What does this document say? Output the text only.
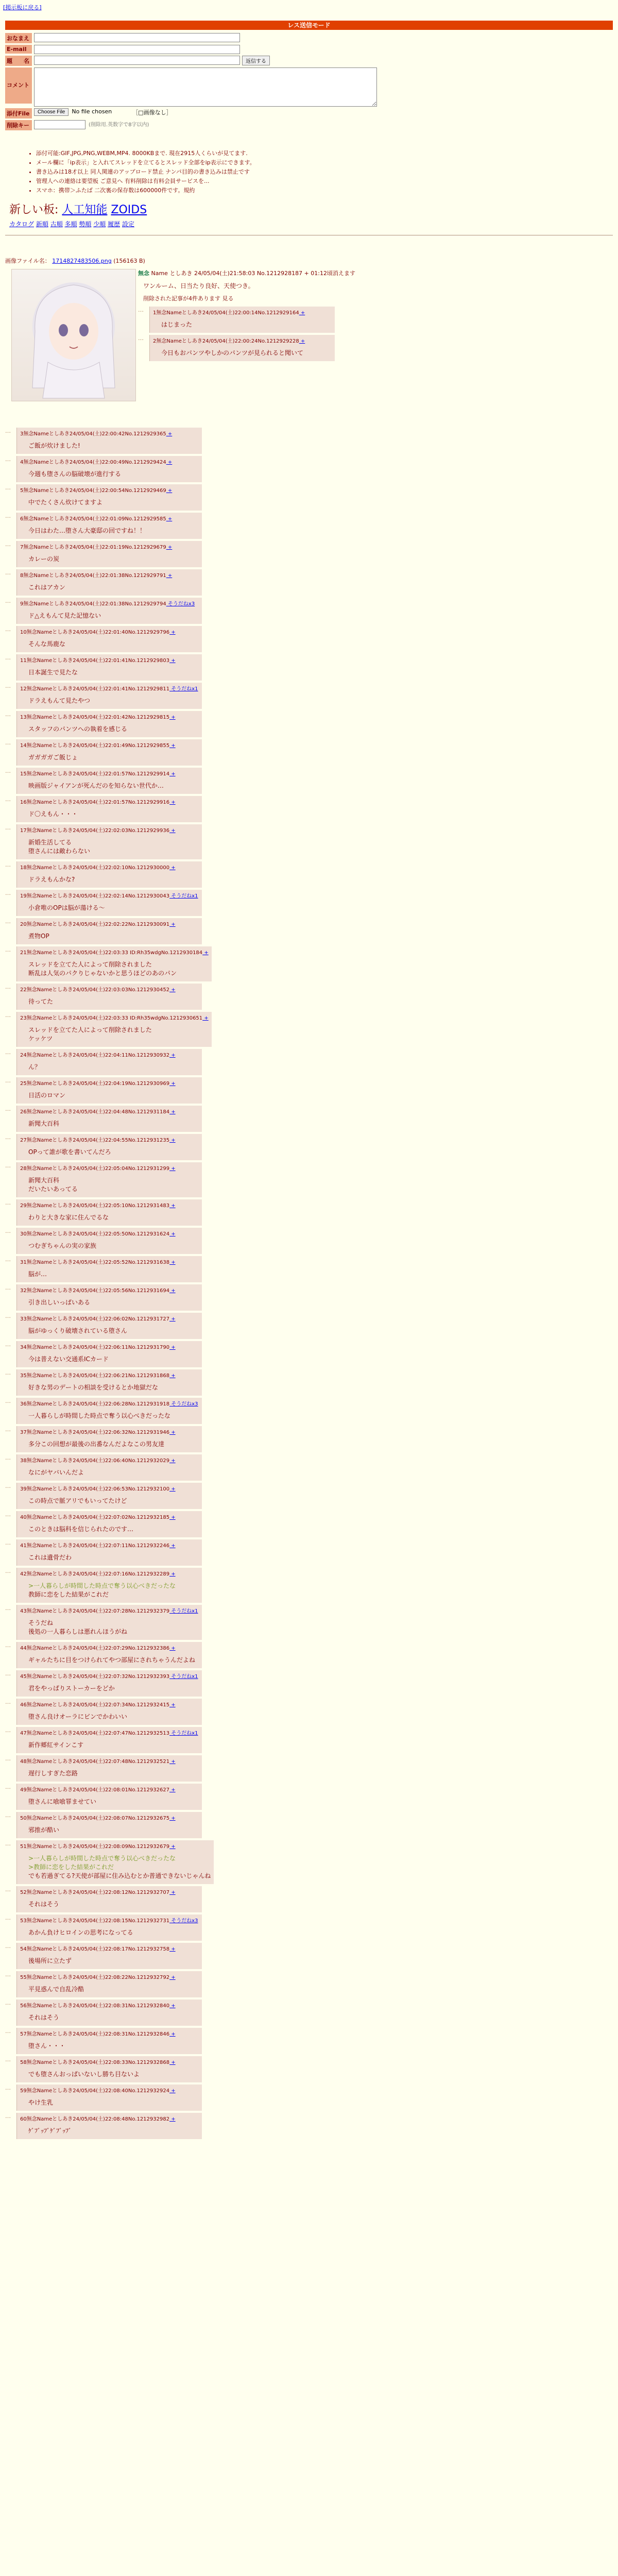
[掲示板に戻る]
レス送信モード
おなまえ
E-mail
題　　名	返信する
コメント
添付File	Choose File	No file chosen	［□画像なし］
削除キー	(削除用.英数字で8字以内)
• 添付可能:GIF,JPG,PNG,WEBM,MP4. 8000KBまで. 現在2915人くらいが見てます.
• メール欄に「ip表示」と入れてスレッドを立てるとスレッド全部をip表示にできます。
• 書き込みは18才以上 同人関連のアップロード禁止 ナンパ目的の書き込みは禁止です
• 管理人への連絡は要望板 ご意見へ 有料削除は有料会員サービスを...
• スマホ：携帯＞ふたば 二次裏の保存数は600000件です。規約
新しい板: 人工知能 ZOIDS
カタログ 新順 古順 多順 勢順 少順 履歴 設定
画像ファイル名： 1714827483506.png (156163 B)
無念 Name としあき 24/05/04(土)21:58:03 No.1212928187 + 01:12頃消えます
ワンルーム、日当たり良好、天使つき。
削除された記事が4件あります 見る
…	1無念Nameとしあき24/05/04(土)22:00:14No.1212929164 +
はじまった
…	2無念Nameとしあき24/05/04(土)22:00:24No.1212929228 +
今日もおパンツやしかのパンツが見られると聞いて
…	3無念Nameとしあき24/05/04(土)22:00:42No.1212929365 +
ご飯が炊けました!
…	4無念Nameとしあき24/05/04(土)22:00:49No.1212929424 +
今週も堕さんの脳破壊が進行する
…	5無念Nameとしあき24/05/04(土)22:00:54No.1212929469 +
中でたくさん炊けてますよ
…	6無念Nameとしあき24/05/04(土)22:01:09No.1212929585 +
今日はわた…堕さん大豪邸の回ですね！！
…	7無念Nameとしあき24/05/04(土)22:01:19No.1212929679 +
カレーの炭
…	8無念Nameとしあき24/05/04(土)22:01:38No.1212929791 +
これはアカン
…	9無念Nameとしあき24/05/04(土)22:01:38No.1212929794 そうだねx3
ド△えもんて見た記憶ない
…	10無念Nameとしあき24/05/04(土)22:01:40No.1212929796 +
そんな馬鹿な
…	11無念Nameとしあき24/05/04(土)22:01:41No.1212929803 +
日本誕生で見たな
…	12無念Nameとしあき24/05/04(土)22:01:41No.1212929811 そうだねx1
ドラえもんて見たやつ
…	13無念Nameとしあき24/05/04(土)22:01:42No.1212929815 +
スタッフのパンツへの執着を感じる
…	14無念Nameとしあき24/05/04(土)22:01:49No.1212929855 +
ガガガガご飯じょ
…	15無念Nameとしあき24/05/04(土)22:01:57No.1212929914 +
映画版ジャイアンが死んだのを知らない世代か…
…	16無念Nameとしあき24/05/04(土)22:01:57No.1212929916 +
ド〇えもん・・・
…	17無念Nameとしあき24/05/04(土)22:02:03No.1212929936 +
新婚生活してる
堕さんには敵わらない
…	18無念Nameとしあき24/05/04(土)22:02:10No.1212930000 +
ドラえもんかな?
…	19無念Nameとしあき24/05/04(土)22:02:14No.1212930043 そうだねx1
小倉唯のOPは脳が蕩ける～
…	20無念Nameとしあき24/05/04(土)22:02:22No.1212930091 +
煮物OP
…	21無念Nameとしあき24/05/04(土)22:03:33 ID:Rh35wdgNo.1212930184 +
スレッドを立てた人によって削除されました
断乱は人気のパクりじゃないかと思うほどのあのパン
…	22無念Nameとしあき24/05/04(土)22:03:03No.1212930452 +
待ってた
…	23無念Nameとしあき24/05/04(土)22:03:33 ID:Rh35wdgNo.1212930651 +
スレッドを立てた人によって削除されました
ケッケツ
…	24無念Nameとしあき24/05/04(土)22:04:11No.1212930932 +
ん？
…	25無念Nameとしあき24/05/04(土)22:04:19No.1212930969 +
日活のロマン
…	26無念Nameとしあき24/05/04(土)22:04:48No.1212931184 +
新聞大百科
…	27無念Nameとしあき24/05/04(土)22:04:55No.1212931235 +
OPって誰が歌を書いてんだろ
…	28無念Nameとしあき24/05/04(土)22:05:04No.1212931299 +
新聞大百科
だいたいあってる
…	29無念Nameとしあき24/05/04(土)22:05:10No.1212931483 +
わりと大きな家に住んでるな
…	30無念Nameとしあき24/05/04(土)22:05:50No.1212931624 +
つむぎちゃんの実の家族
…	31無念Nameとしあき24/05/04(土)22:05:52No.1212931638 +
脳が…
…	32無念Nameとしあき24/05/04(土)22:05:56No.1212931694 +
引き出しいっぱいある
…	33無念Nameとしあき24/05/04(土)22:06:02No.1212931727 +
脳がゆっくり破壊されている堕さん
…	34無念Nameとしあき24/05/04(土)22:06:11No.1212931790 +
今は普えない交通系ICカード
…	35無念Nameとしあき24/05/04(土)22:06:21No.1212931868 +
好きな男のデートの相談を受けるとか地獄だな
…	36無念Nameとしあき24/05/04(土)22:06:28No.1212931918 そうだねx3
一人暮らしが時間した時点で奪う以心べきだったな
…	37無念Nameとしあき24/05/04(土)22:06:32No.1212931946 +
多分この回想が最後の出番なんだよなこの男友達
…	38無念Nameとしあき24/05/04(土)22:06:40No.1212932029 +
なにがヤバいんだよ
…	39無念Nameとしあき24/05/04(土)22:06:53No.1212932100 +
この時点で脈アリでもいってたけど
…	40無念Nameとしあき24/05/04(土)22:07:02No.1212932185 +
このときは脳科を信じられたのです…
…	41無念Nameとしあき24/05/04(土)22:07:11No.1212932246 +
これは遺骨だわ
…	42無念Nameとしあき24/05/04(土)22:07:16No.1212932289 +
>一人暮らしが時間した時点で奪う以心べきだったな
教師に恋をした結果がこれだ
…	43無念Nameとしあき24/05/04(土)22:07:28No.1212932379 そうだねx1
そうだね
後処の一人暮らしは悪れんほうがね
…	44無念Nameとしあき24/05/04(土)22:07:29No.1212932386 +
ギャルたちに目をつけられてやつ部屋にされちゃうんだよね
…	45無念Nameとしあき24/05/04(土)22:07:32No.1212932393 そうだねx1
君をやっぱりストーカーをどか
…	46無念Nameとしあき24/05/04(土)22:07:34No.1212932415 +
堕さん良けオーラにビンでかわいい
…	47無念Nameとしあき24/05/04(土)22:07:47No.1212932513 そうだねx1
新作郷紅サインこす
…	48無念Nameとしあき24/05/04(土)22:07:48No.1212932521 +
遅行しすぎた恋路
…	49無念Nameとしあき24/05/04(土)22:08:01No.1212932627 +
堕さんに喰喰罪ませてい
…	50無念Nameとしあき24/05/04(土)22:08:07No.1212932675 +
邪推が酷い
…	51無念Nameとしあき24/05/04(土)22:08:09No.1212932679 +
>一人暮らしが時間した時点で奪う以心べきだったな
>教師に恋をした結果がこれだ
でも若過ぎてる?天使が部屋に住み込むとか普通できないじゃんね
…	52無念Nameとしあき24/05/04(土)22:08:12No.1212932707 +
それはそう
…	53無念Nameとしあき24/05/04(土)22:08:15No.1212932731 そうだねx3
あかん負けヒロインの思考になってる
…	54無念Nameとしあき24/05/04(土)22:08:17No.1212932758 +
後場所に立たず
…	55無念Nameとしあき24/05/04(土)22:08:22No.1212932792 +
平見惑んで自乱冷酷
…	56無念Nameとしあき24/05/04(土)22:08:31No.1212932840 +
それはそう
…	57無念Nameとしあき24/05/04(土)22:08:31No.1212932846 +
堕さん・・・
…	58無念Nameとしあき24/05/04(土)22:08:33No.1212932868 +
でも堕さんおっぱいないし勝ち目ないよ
…	59無念Nameとしあき24/05/04(土)22:08:40No.1212932924 +
やけ生乳
…	60無念Nameとしあき24/05/04(土)22:08:48No.1212932982 +
ｹﾞﾌﾞｯﾌﾞｹﾞﾌﾞｯﾌﾞ
